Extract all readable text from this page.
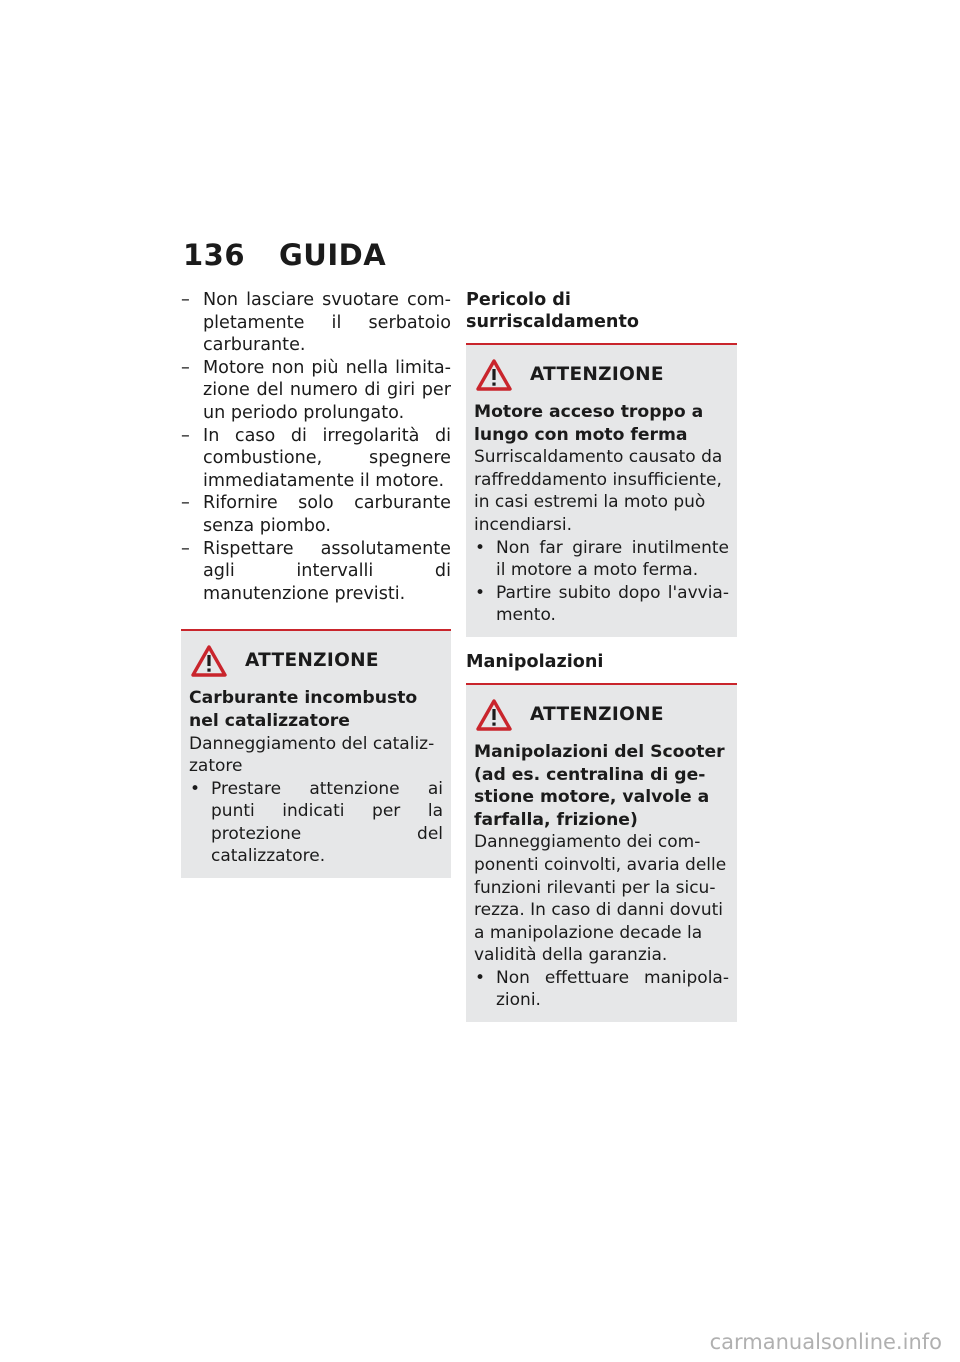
136 GUIDA
– Non lasciare svuotare completamente il serbatoio carburante.
– Motore non più nella limitazione del numero di giri per un periodo prolungato.
– In caso di irregolarità di combustione, spegnere immediatamente il motore.
– Rifornire solo carburante senza piombo.
– Rispettare assolutamente agli intervalli di manutenzione previsti.
ATTENZIONE

Carburante incombusto nel catalizzatore

Danneggiamento del catalizzatore

• Prestare attenzione ai punti indicati per la protezione del catalizzatore.
Pericolo di surriscaldamento
ATTENZIONE

Motore acceso troppo a lungo con moto ferma

Surriscaldamento causato da raffreddamento insufficiente, in casi estremi la moto può incendiarsi.

• Non far girare inutilmente il motore a moto ferma.
• Partire subito dopo l'avviamento.
Manipolazioni
ATTENZIONE

Manipolazioni del Scooter (ad es. centralina di gestione motore, valvole a farfalla, frizione)

Danneggiamento dei componenti coinvolti, avaria delle funzioni rilevanti per la sicurezza. In caso di danni dovuti a manipolazione decade la validità della garanzia.

• Non effettuare manipolazioni.
carmanualsonline.info
